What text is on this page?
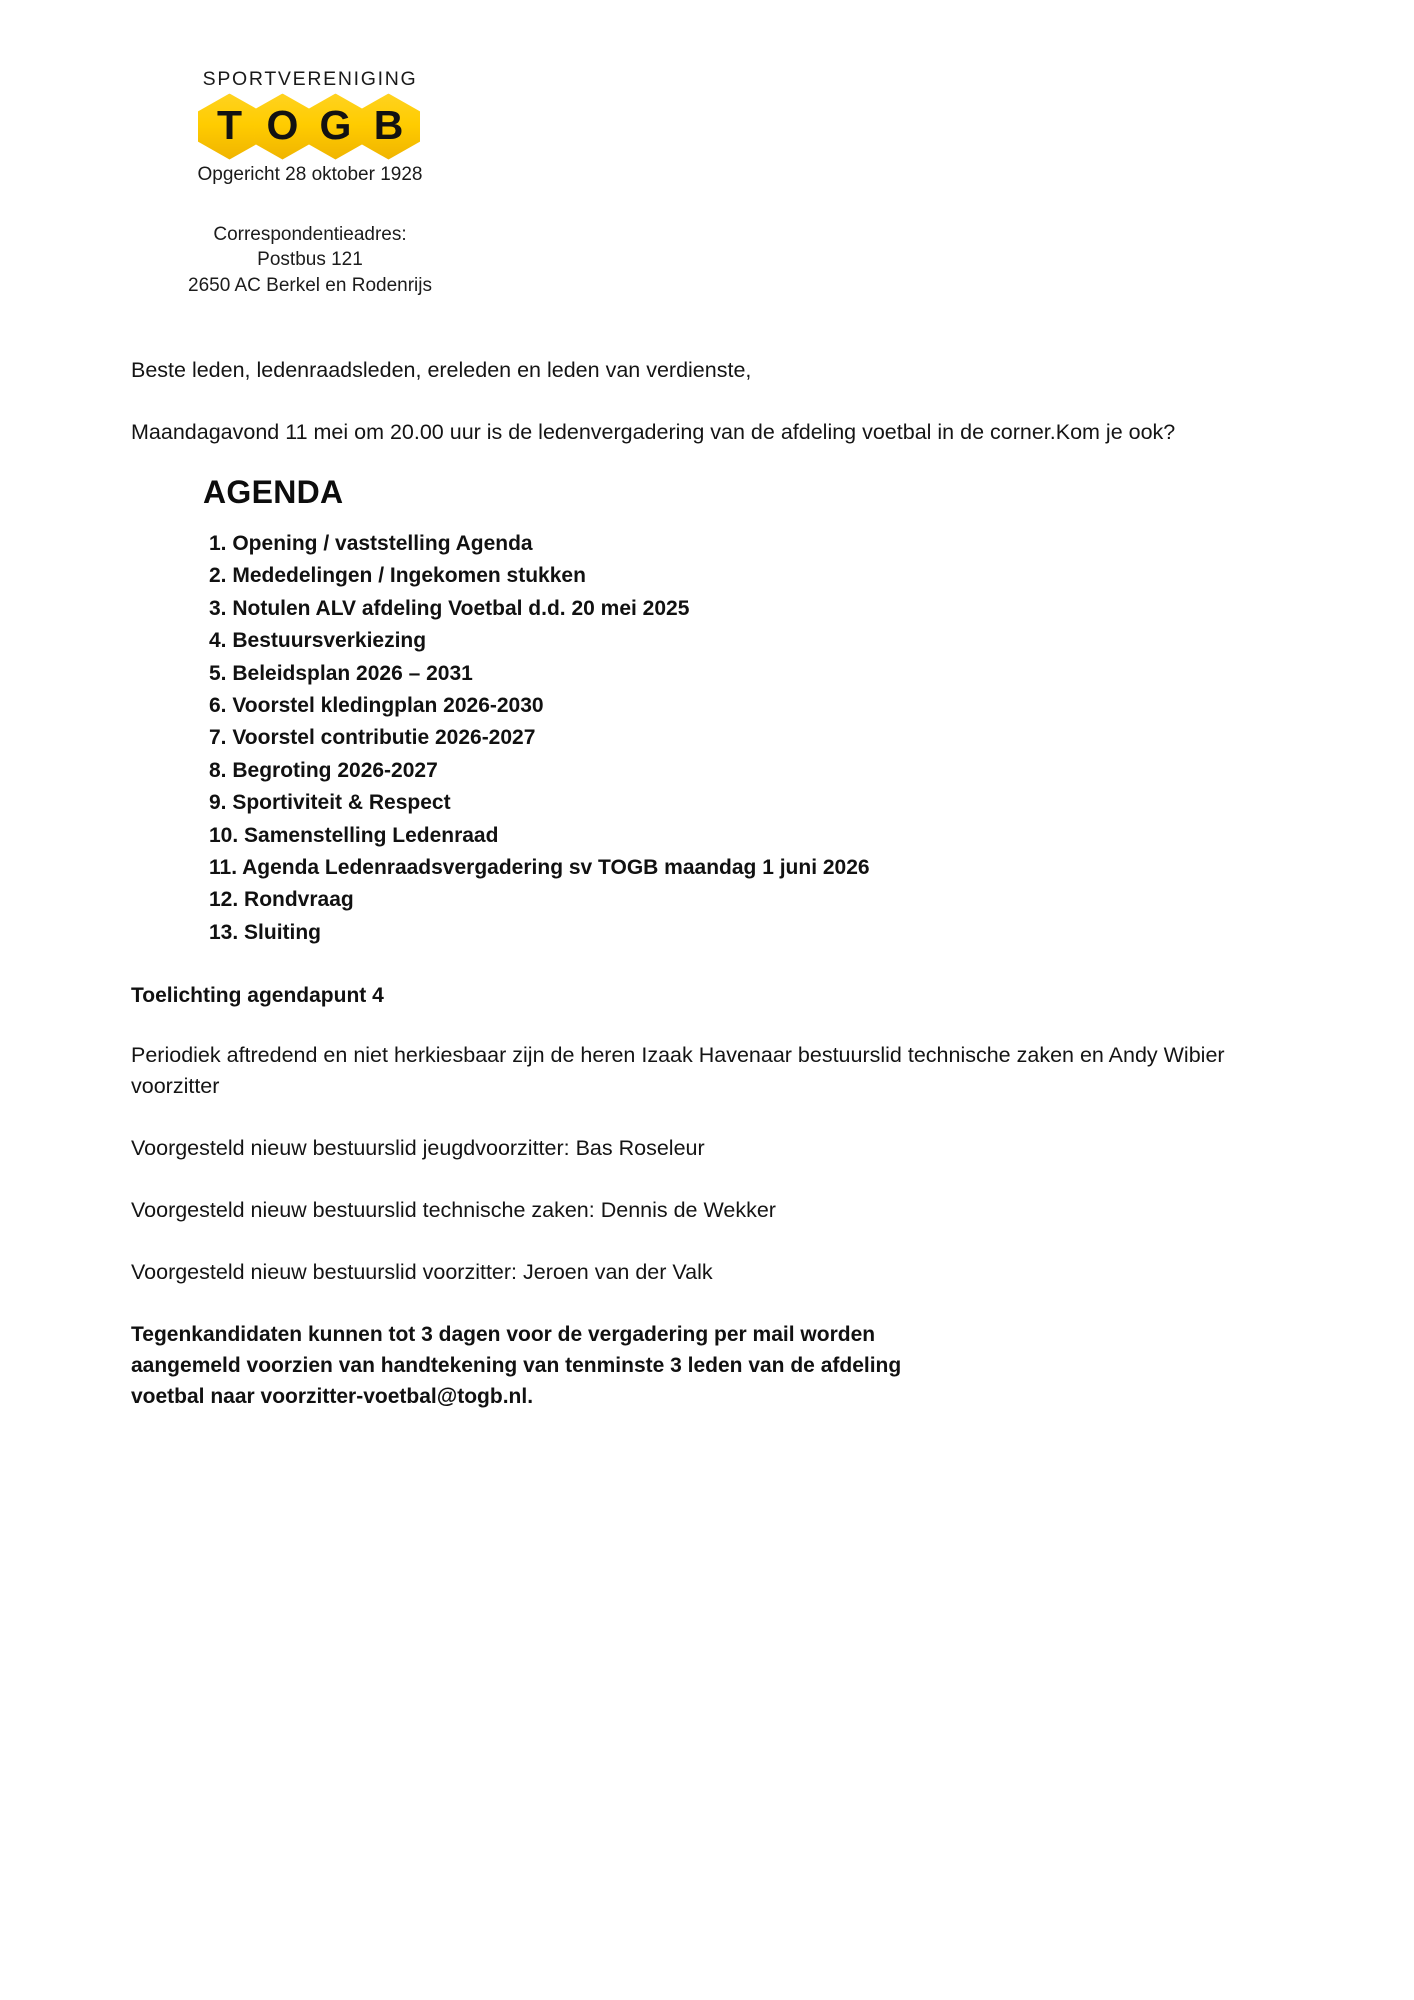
SPORTVERENIGING
T O G B
Opgericht 28 oktober 1928
Correspondentieadres:
Postbus 121
2650 AC Berkel en Rodenrijs

Beste leden, ledenraadsleden, ereleden en leden van verdienste,

Maandagavond 11 mei om 20.00 uur is de ledenvergadering van de afdeling voetbal in de corner.Kom je ook?

AGENDA
1. Opening / vaststelling Agenda
2. Mededelingen / Ingekomen stukken
3. Notulen ALV afdeling Voetbal d.d. 20 mei 2025
4. Bestuursverkiezing
5. Beleidsplan 2026 – 2031
6. Voorstel kledingplan 2026-2030
7. Voorstel contributie 2026-2027
8. Begroting 2026-2027
9. Sportiviteit & Respect
10. Samenstelling Ledenraad
11. Agenda Ledenraadsvergadering sv TOGB maandag 1 juni 2026
12. Rondvraag
13. Sluiting
Toelichting agendapunt 4

Periodiek aftredend en niet herkiesbaar zijn de heren Izaak Havenaar bestuurslid technische zaken en Andy Wibier voorzitter

Voorgesteld nieuw bestuurslid jeugdvoorzitter: Bas Roseleur

Voorgesteld nieuw bestuurslid technische zaken: Dennis de Wekker

Voorgesteld nieuw bestuurslid voorzitter: Jeroen van der Valk

Tegenkandidaten kunnen tot 3 dagen voor de vergadering per mail worden aangemeld voorzien van handtekening van tenminste 3 leden van de afdeling voetbal naar voorzitter-voetbal@togb.nl.
